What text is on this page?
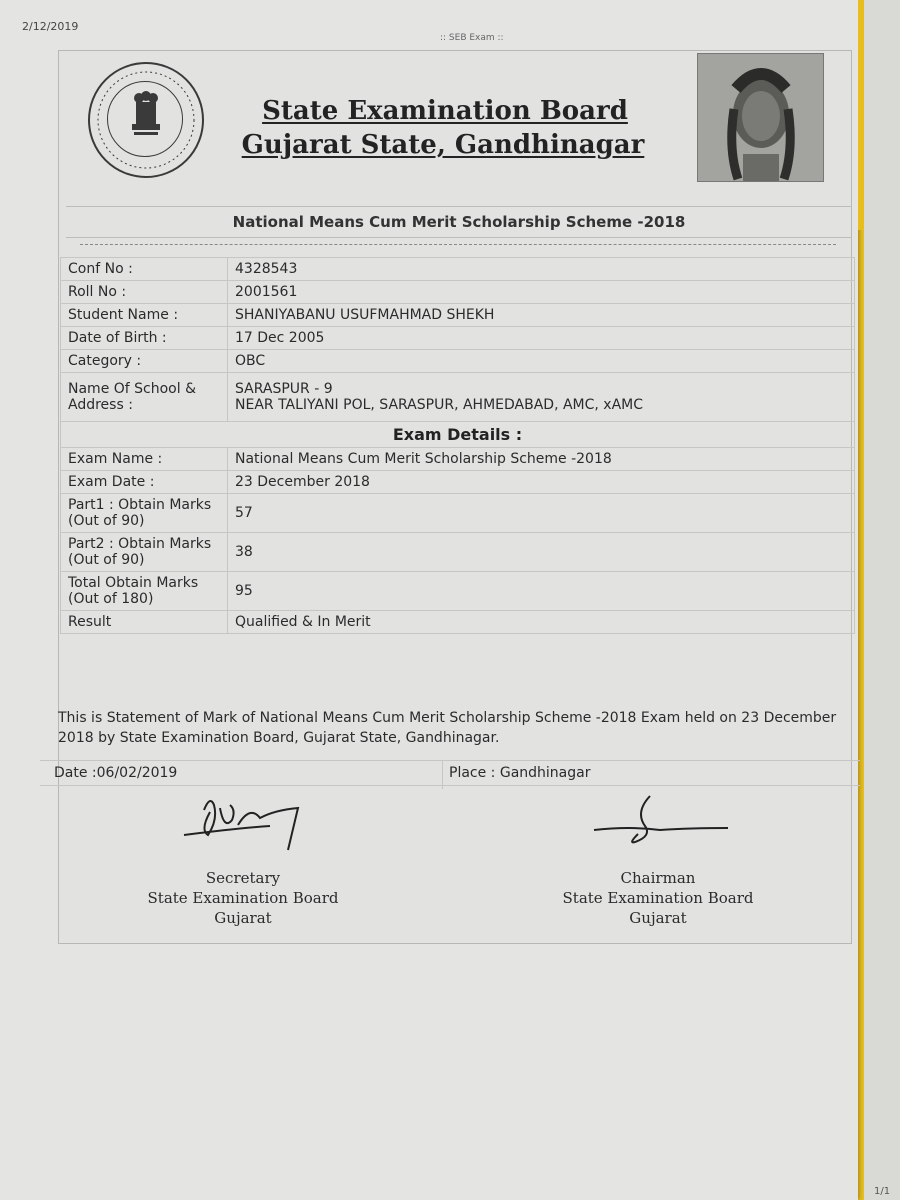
2/12/2019
:: SEB Exam ::
State Examination Board
Gujarat State, Gandhinagar
National Means Cum Merit Scholarship Scheme -2018
Conf No :	4328543
Roll No :	2001561
Student Name :	SHANIYABANU USUFMAHMAD SHEKH
Date of Birth :	17 Dec 2005
Category :	OBC
Name Of School & Address :	SARASPUR - 9
NEAR TALIYANI POL, SARASPUR, AHMEDABAD, AMC, xAMC

Exam Details :	
Exam Name :	National Means Cum Merit Scholarship Scheme -2018
Exam Date :	23 December 2018
Part1 : Obtain Marks (Out of 90)	57
Part2 : Obtain Marks (Out of 90)	38
Total Obtain Marks (Out of 180)	95
Result	Qualified & In Merit
This is Statement of Mark of National Means Cum Merit Scholarship Scheme -2018 Exam held on 23 December 2018 by State Examination Board, Gujarat State, Gandhinagar.
Date :06/02/2019	Place : Gandhinagar
Secretary
State Examination Board
Gujarat
Chairman
State Examination Board
Gujarat
1/1
